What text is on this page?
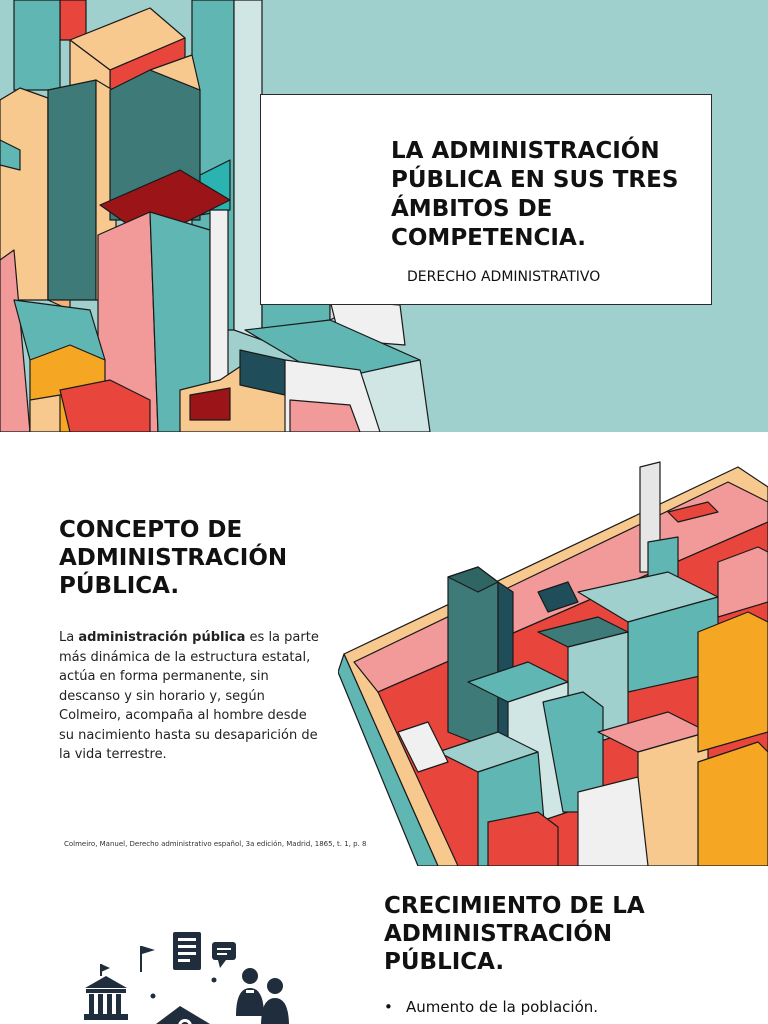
LA ADMINISTRACIÓN PÚBLICA EN SUS TRES ÁMBITOS DE COMPETENCIA.
DERECHO ADMINISTRATIVO
CONCEPTO DE ADMINISTRACIÓN PÚBLICA.
La administración pública es la parte más dinámica de la estructura estatal, actúa en forma permanente, sin descanso y sin horario y, según Colmeiro, acompaña al hombre desde su nacimiento hasta su desaparición de la vida terrestre.
Colmeiro, Manuel, Derecho administrativo español, 3a edición, Madrid, 1865, t. 1, p. 8
CRECIMIENTO DE LA ADMINISTRACIÓN PÚBLICA.
• Aumento de la población.
